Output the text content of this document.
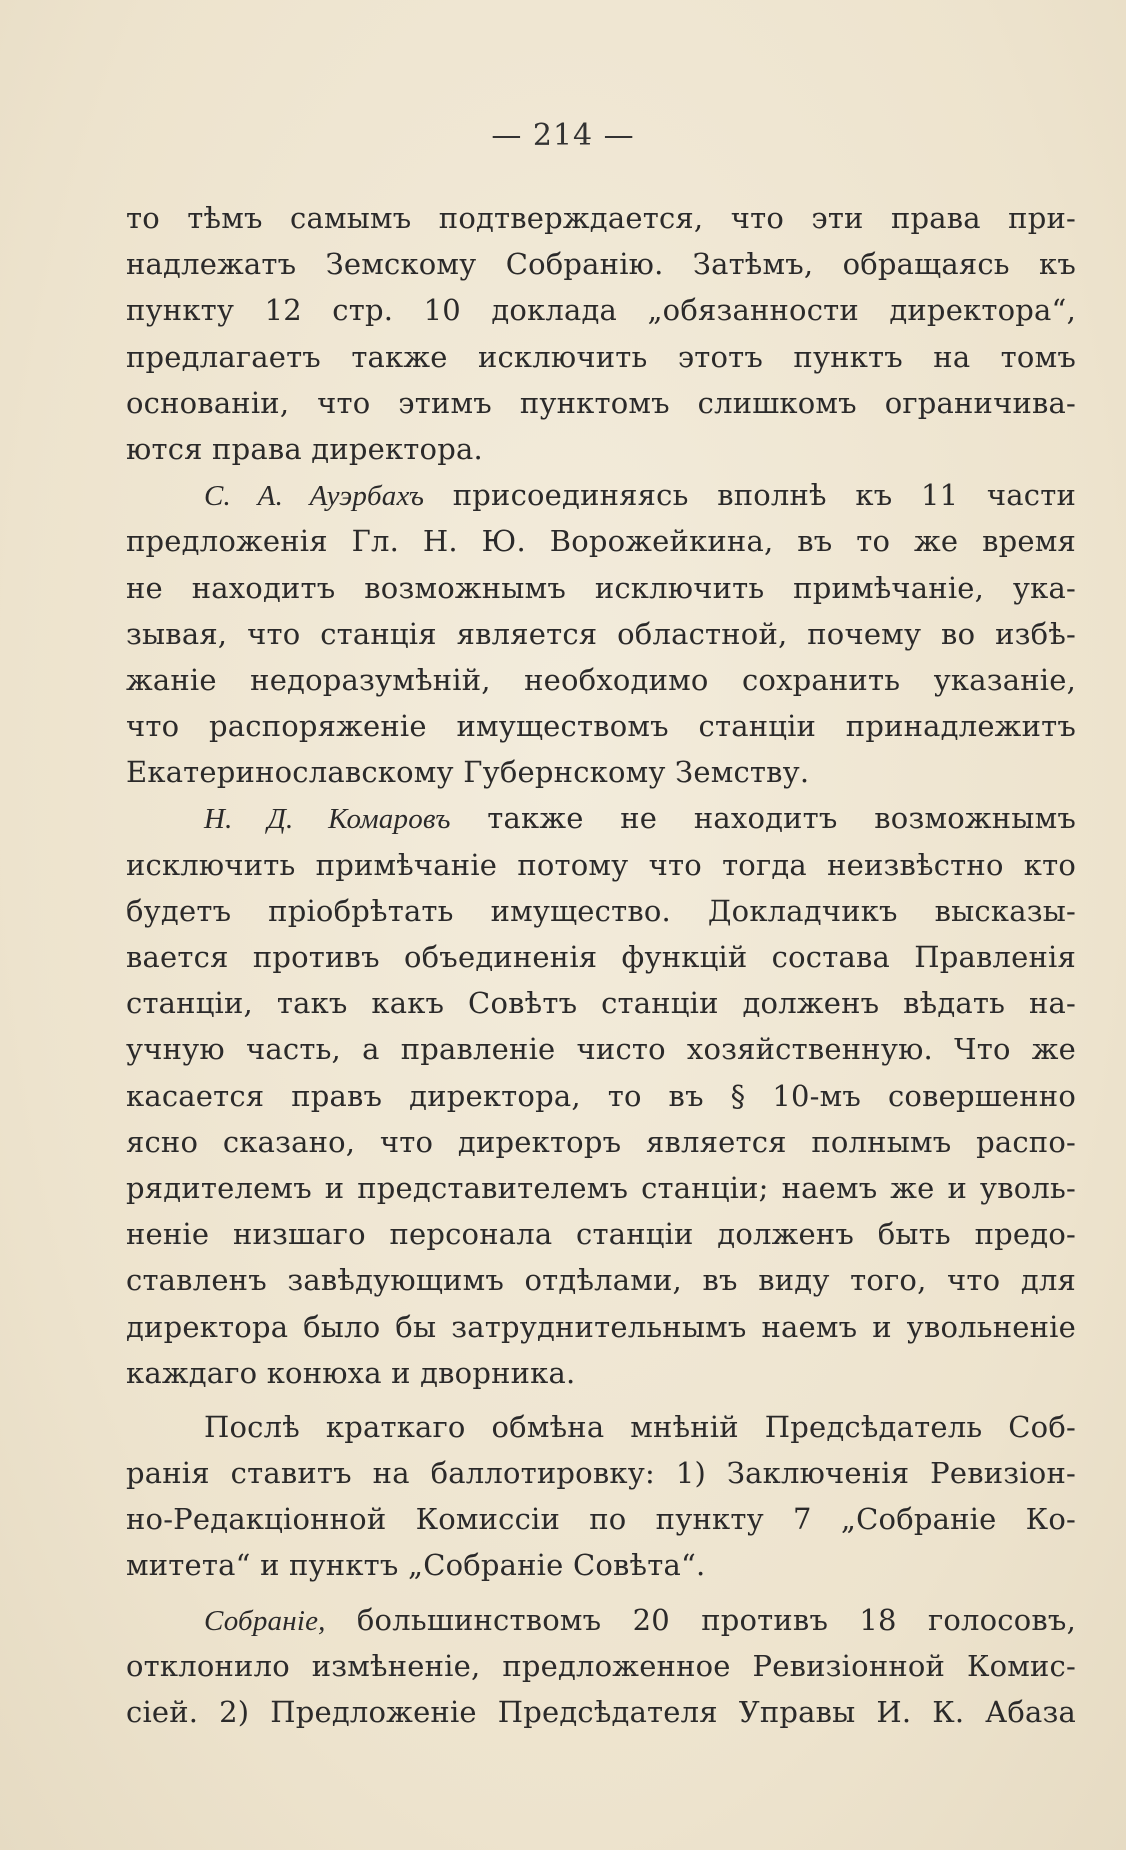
— 214 —
то тѣмъ самымъ подтверждается, что эти права при-
надлежатъ Земскому Собранію. Затѣмъ, обращаясь къ
пункту 12 стр. 10 доклада „обязанности директора“,
предлагаетъ также исключить этотъ пунктъ на томъ
основаніи, что этимъ пунктомъ слишкомъ ограничива-
ются права директора.
С. А. Ауэрбахъ присоединяясь вполнѣ къ 11 части
предложенія Гл. Н. Ю. Ворожейкина, въ то же время
не находитъ возможнымъ исключить примѣчаніе, ука-
зывая, что станція является областной, почему во избѣ-
жаніе недоразумѣній, необходимо сохранить указаніе,
что распоряженіе имуществомъ станціи принадлежитъ
Екатеринославскому Губернскому Земству.
Н. Д. Комаровъ также не находитъ возможнымъ
исключить примѣчаніе потому что тогда неизвѣстно кто
будетъ пріобрѣтать имущество. Докладчикъ высказы-
вается противъ объединенія функцій состава Правленія
станціи, такъ какъ Совѣтъ станціи долженъ вѣдать на-
учную часть, а правленіе чисто хозяйственную. Что же
касается правъ директора, то въ § 10-мъ совершенно
ясно сказано, что директоръ является полнымъ распо-
рядителемъ и представителемъ станціи; наемъ же и уволь-
неніе низшаго персонала станціи долженъ быть предо-
ставленъ завѣдующимъ отдѣлами, въ виду того, что для
директора было бы затруднительнымъ наемъ и увольненіе
каждаго конюха и дворника.
Послѣ краткаго обмѣна мнѣній Предсѣдатель Соб-
ранія ставитъ на баллотировку: 1) Заключенія Ревизіон-
но-Редакціонной Комиссіи по пункту 7 „Собраніе Ко-
митета“ и пунктъ „Собраніе Совѣта“.
Собраніе, большинствомъ 20 противъ 18 голосовъ,
отклонило измѣненіе, предложенное Ревизіонной Комис-
сіей. 2) Предложеніе Предсѣдателя Управы И. К. Абаза
